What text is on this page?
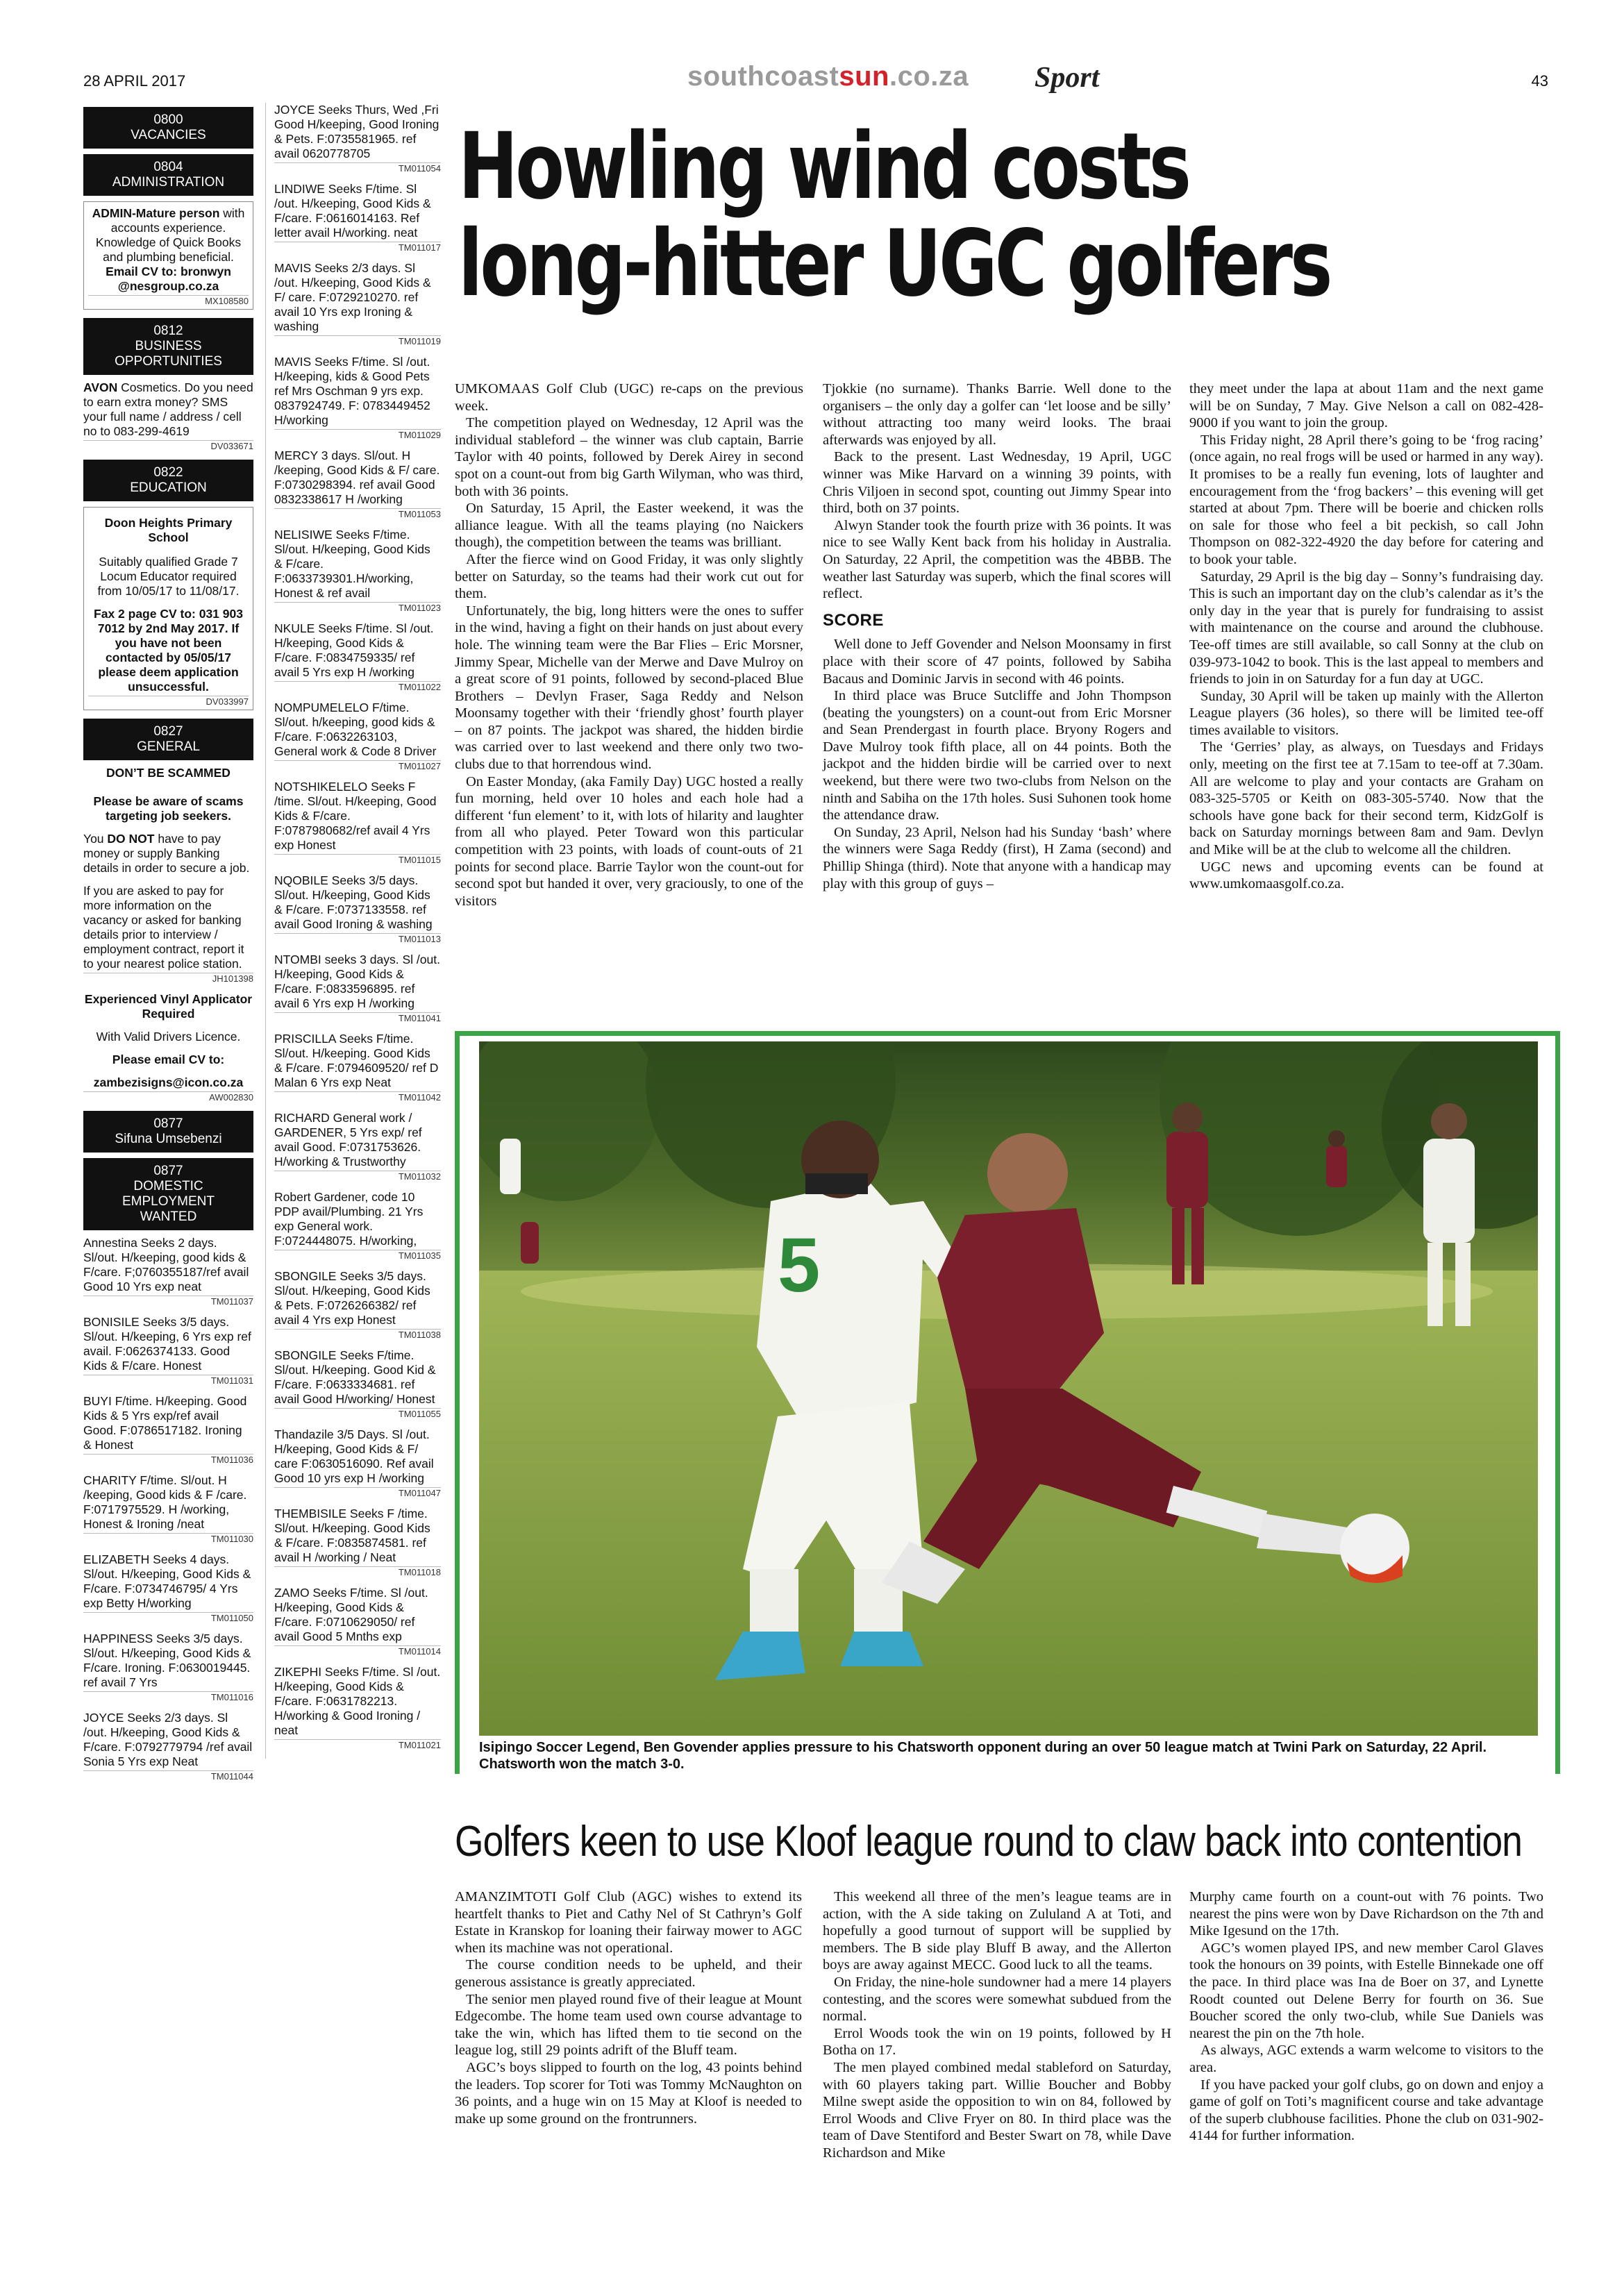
28 APRIL 2017	southcoastsun.co.za Sport	43
0800
VACANCIES
0804
ADMINISTRATION
ADMIN-Mature person with accounts experience. Knowledge of Quick Books and plumbing beneficial.
Email CV to: bronwyn @nesgroup.co.za
MX108580
0812
BUSINESS
OPPORTUNITIES
AVON Cosmetics. Do you need to earn extra money? SMS your full name / address / cell no to 083-299-4619
DV033671
0822
EDUCATION
Doon Heights Primary School

Suitably qualified Grade 7 Locum Educator required from 10/05/17 to 11/08/17.

Fax 2 page CV to: 031 903 7012 by 2nd May 2017. If you have not been contacted by 05/05/17 please deem application unsuccessful.
DV033997
0827
GENERAL

DON’T BE SCAMMED

Please be aware of scams targeting job seekers.

You DO NOT have to pay money or supply Banking details in order to secure a job.

If you are asked to pay for more information on the vacancy or asked for banking details prior to interview / employment contract, report it to your nearest police station.

JH101398

Experienced Vinyl Applicator Required

With Valid Drivers Licence.

Please email CV to:

zambezisigns@icon.co.za

AW002830
0877
Sifuna Umsebenzi
0877
DOMESTIC EMPLOYMENT
WANTED
Annestina Seeks 2 days. Sl/out. H/keeping, good kids & F/care. F;0760355187/ref avail Good 10 Yrs exp neat
TM011037
BONISILE Seeks 3/5 days. Sl/out. H/keeping, 6 Yrs exp ref avail. F:0626374133. Good Kids & F/care. Honest
TM011031
BUYI F/time. H/keeping. Good Kids & 5 Yrs exp/ref avail Good. F:0786517182. Ironing & Honest
TM011036
CHARITY F/time. Sl/out. H /keeping, Good kids & F /care. F:0717975529. H /working, Honest & Ironing /neat
TM011030
ELIZABETH Seeks 4 days. Sl/out. H/keeping, Good Kids & F/care. F:0734746795/ 4 Yrs exp Betty H/working
TM011050
HAPPINESS Seeks 3/5 days. Sl/out. H/keeping, Good Kids & F/care. Ironing. F:0630019445. ref avail 7 Yrs
TM011016
JOYCE Seeks 2/3 days. Sl /out. H/keeping, Good Kids & F/care. F:0792779794 /ref avail Sonia 5 Yrs exp Neat
TM011044
JOYCE Seeks Thurs, Wed ,Fri Good H/keeping, Good Ironing & Pets. F:0735581965. ref avail 0620778705
TM011054
LINDIWE Seeks F/time. Sl /out. H/keeping, Good Kids & F/care. F:0616014163. Ref letter avail H/working. neat
TM011017
MAVIS Seeks 2/3 days. Sl /out. H/keeping, Good Kids & F/ care. F:0729210270. ref avail 10 Yrs exp Ironing & washing
TM011019
MAVIS Seeks F/time. Sl /out. H/keeping, kids & Good Pets ref Mrs Oschman 9 yrs exp. 0837924749. F: 0783449452 H/working
TM011029
MERCY 3 days. Sl/out. H /keeping, Good Kids & F/ care. F:0730298394. ref avail Good 0832338617 H /working
TM011053
NELISIWE Seeks F/time. Sl/out. H/keeping, Good Kids & F/care. F:0633739301.H/working, Honest & ref avail
TM011023
NKULE Seeks F/time. Sl /out. H/keeping, Good Kids & F/care. F:0834759335/ ref avail 5 Yrs exp H /working
TM011022
NOMPUMELELO F/time. Sl/out. h/keeping, good kids & F/care. F:0632263103, General work & Code 8 Driver
TM011027
NOTSHIKELELO Seeks F /time. Sl/out. H/keeping, Good Kids & F/care. F:0787980682/ref avail 4 Yrs exp Honest
TM011015
NQOBILE Seeks 3/5 days. Sl/out. H/keeping, Good Kids & F/care. F:0737133558. ref avail Good Ironing & washing
TM011013
NTOMBI seeks 3 days. Sl /out. H/keeping, Good Kids & F/care. F:0833596895. ref avail 6 Yrs exp H /working
TM011041
PRISCILLA Seeks F/time. Sl/out. H/keeping. Good Kids & F/care. F:0794609520/ ref D Malan 6 Yrs exp Neat
TM011042
RICHARD General work / GARDENER, 5 Yrs exp/ ref avail Good. F:0731753626. H/working & Trustworthy
TM011032
Robert Gardener, code 10 PDP avail/Plumbing. 21 Yrs exp General work. F:0724448075. H/working,
TM011035
SBONGILE Seeks 3/5 days. Sl/out. H/keeping, Good Kids & Pets. F:0726266382/ ref avail 4 Yrs exp Honest
TM011038
SBONGILE Seeks F/time. Sl/out. H/keeping. Good Kid & F/care. F:0633334681. ref avail Good H/working/ Honest
TM011055
Thandazile 3/5 Days. Sl /out. H/keeping, Good Kids & F/ care F:0630516090. Ref avail Good 10 yrs exp H /working
TM011047
THEMBISILE Seeks F /time. Sl/out. H/keeping. Good Kids & F/care. F:0835874581. ref avail H /working / Neat
TM011018
ZAMO Seeks F/time. Sl /out. H/keeping, Good Kids & F/care. F:0710629050/ ref avail Good 5 Mnths exp
TM011014
ZIKEPHI Seeks F/time. Sl /out. H/keeping, Good Kids & F/care. F:0631782213. H/working & Good Ironing / neat
TM011021
Howling wind costs
long-hitter UGC golfers

UMKOMAAS Golf Club (UGC) re-caps on the previous week.

The competition played on Wednesday, 12 April was the individual stableford – the winner was club captain, Barrie Taylor with 40 points, followed by Derek Airey in second spot on a count-out from big Garth Wilyman, who was third, both with 36 points.

On Saturday, 15 April, the Easter weekend, it was the alliance league. With all the teams playing (no Naickers though), the competition between the teams was brilliant.

After the fierce wind on Good Friday, it was only slightly better on Saturday, so the teams had their work cut out for them.

Unfortunately, the big, long hitters were the ones to suffer in the wind, having a fight on their hands on just about every hole. The winning team were the Bar Flies – Eric Morsner, Jimmy Spear, Michelle van der Merwe and Dave Mulroy on a great score of 91 points, followed by second-placed Blue Brothers – Devlyn Fraser, Saga Reddy and Nelson Moonsamy together with their ‘friendly ghost’ fourth player – on 87 points. The jackpot was shared, the hidden birdie was carried over to last weekend and there only two two-clubs due to that horrendous wind.

On Easter Monday, (aka Family Day) UGC hosted a really fun morning, held over 10 holes and each hole had a different ‘fun element’ to it, with lots of hilarity and laughter from all who played. Peter Toward won this particular competition with 23 points, with loads of count-outs of 21 points for second place. Barrie Taylor won the count-out for second spot but handed it over, very graciously, to one of the visitors

Tjokkie (no surname). Thanks Barrie. Well done to the organisers – the only day a golfer can ‘let loose and be silly’ without attracting too many weird looks. The braai afterwards was enjoyed by all.

Back to the present. Last Wednesday, 19 April, UGC winner was Mike Harvard on a winning 39 points, with Chris Viljoen in second spot, counting out Jimmy Spear into third, both on 37 points.

Alwyn Stander took the fourth prize with 36 points. It was nice to see Wally Kent back from his holiday in Australia. On Saturday, 22 April, the competition was the 4BBB. The weather last Saturday was superb, which the final scores will reflect.

SCORE

Well done to Jeff Govender and Nelson Moonsamy in first place with their score of 47 points, followed by Sabiha Bacaus and Dominic Jarvis in second with 46 points.

In third place was Bruce Sutcliffe and John Thompson (beating the youngsters) on a count-out from Eric Morsner and Sean Prendergast in fourth place. Bryony Rogers and Dave Mulroy took fifth place, all on 44 points. Both the jackpot and the hidden birdie will be carried over to next weekend, but there were two two-clubs from Nelson on the ninth and Sabiha on the 17th holes. Susi Suhonen took home the attendance draw.

On Sunday, 23 April, Nelson had his Sunday ‘bash’ where the winners were Saga Reddy (first), H Zama (second) and Phillip Shinga (third). Note that anyone with a handicap may play with this group of guys –

they meet under the lapa at about 11am and the next game will be on Sunday, 7 May. Give Nelson a call on 082-428-9000 if you want to join the group.

This Friday night, 28 April there’s going to be ‘frog racing’ (once again, no real frogs will be used or harmed in any way). It promises to be a really fun evening, lots of laughter and encouragement from the ‘frog backers’ – this evening will get started at about 7pm. There will be boerie and chicken rolls on sale for those who feel a bit peckish, so call John Thompson on 082-322-4920 the day before for catering and to book your table.

Saturday, 29 April is the big day – Sonny’s fundraising day. This is such an important day on the club’s calendar as it’s the only day in the year that is purely for fundraising to assist with maintenance on the course and around the clubhouse. Tee-off times are still available, so call Sonny at the club on 039-973-1042 to book. This is the last appeal to members and friends to join in on Saturday for a fun day at UGC.

Sunday, 30 April will be taken up mainly with the Allerton League players (36 holes), so there will be limited tee-off times available to visitors.

The ‘Gerries’ play, as always, on Tuesdays and Fridays only, meeting on the first tee at 7.15am to tee-off at 7.30am. All are welcome to play and your contacts are Graham on 083-325-5705 or Keith on 083-305-5740. Now that the schools have gone back for their second term, KidzGolf is back on Saturday mornings between 8am and 9am. Devlyn and Mike will be at the club to welcome all the children.

UGC news and upcoming events can be found at www.umkomaasgolf.co.za.

5
Isipingo Soccer Legend, Ben Govender applies pressure to his Chatsworth opponent during an over 50 league match at Twini Park on Saturday, 22 April. Chatsworth won the match 3-0.
Golfers keen to use Kloof league round to claw back into contention

AMANZIMTOTI Golf Club (AGC) wishes to extend its heartfelt thanks to Piet and Cathy Nel of St Cathryn’s Golf Estate in Kranskop for loaning their fairway mower to AGC when its machine was not operational.

The course condition needs to be upheld, and their generous assistance is greatly appreciated.

The senior men played round five of their league at Mount Edgecombe. The home team used own course advantage to take the win, which has lifted them to tie second on the league log, still 29 points adrift of the Bluff team.

AGC’s boys slipped to fourth on the log, 43 points behind the leaders. Top scorer for Toti was Tommy McNaughton on 36 points, and a huge win on 15 May at Kloof is needed to make up some ground on the frontrunners.

This weekend all three of the men’s league teams are in action, with the A side taking on Zululand A at Toti, and hopefully a good turnout of support will be supplied by members. The B side play Bluff B away, and the Allerton boys are away against MECC. Good luck to all the teams.

On Friday, the nine-hole sundowner had a mere 14 players contesting, and the scores were somewhat subdued from the normal.

Errol Woods took the win on 19 points, followed by H Botha on 17.

The men played combined medal stableford on Saturday, with 60 players taking part. Willie Boucher and Bobby Milne swept aside the opposition to win on 84, followed by Errol Woods and Clive Fryer on 80. In third place was the team of Dave Stentiford and Bester Swart on 78, while Dave Richardson and Mike

Murphy came fourth on a count-out with 76 points. Two nearest the pins were won by Dave Richardson on the 7th and Mike Igesund on the 17th.

AGC’s women played IPS, and new member Carol Glaves took the honours on 39 points, with Estelle Binnekade one off the pace. In third place was Ina de Boer on 37, and Lynette Roodt counted out Delene Berry for fourth on 36. Sue Boucher scored the only two-club, while Sue Daniels was nearest the pin on the 7th hole.

As always, AGC extends a warm welcome to visitors to the area.

If you have packed your golf clubs, go on down and enjoy a game of golf on Toti’s magnificent course and take advantage of the superb clubhouse facilities. Phone the club on 031-902-4144 for further information.
